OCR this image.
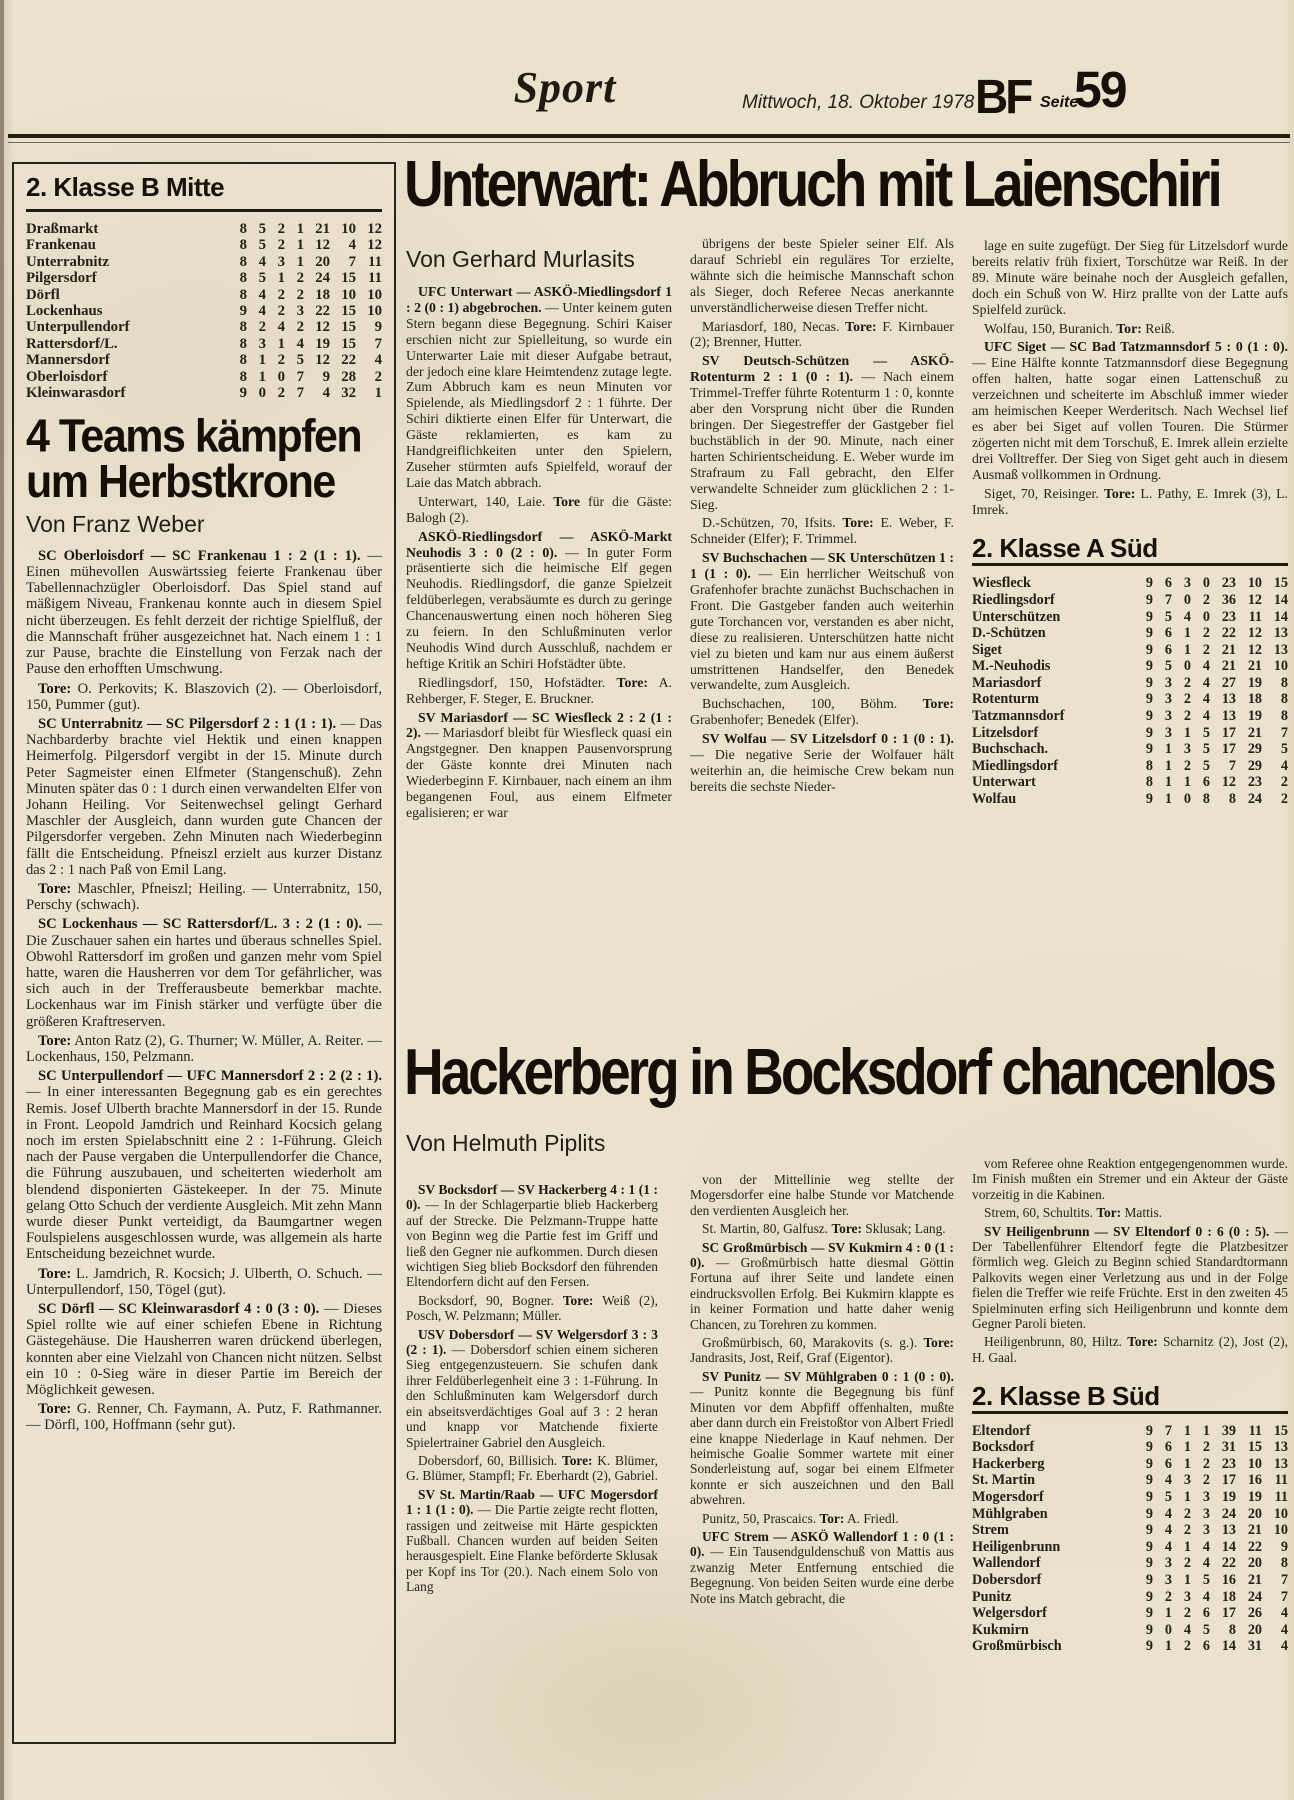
Sport	Mittwoch, 18. Oktober 1978 BF Seite
59
2. Klasse B Mitte
Draßmarkt	8 5 2 1 21 10 12
Frankenau	8 5 2 1 12	4 12
Unterrabnitz	8 4 3 1 20	7 11
Pilgersdorf	8 5 1 2 24 15 11
Dörfl	8 4 2 2 18 10 10
Lockenhaus	9 4 2 3 22 15 10
Unterpullendorf	8 2 4 2 12 15	9
Rattersdorf/L.	8 3 1 4 19 15	7
Mannersdorf	8 1 2 5 12 22	4
Oberloisdorf	8 1 0 7	9 28	2
Kleinwarasdorf	9 0 2 7	4 32	1
4 Teams kämpfen
um Herbstkrone
Von Franz Weber

SC Oberloisdorf — SC Frankenau 1 : 2 (1 : 1). — Einen mühevollen Auswärtssieg feierte Frankenau über Tabellennachzügler Oberloisdorf. Das Spiel stand auf mäßigem Niveau, Frankenau konnte auch in diesem Spiel nicht überzeugen. Es fehlt derzeit der richtige Spielfluß, der die Mannschaft früher ausgezeichnet hat. Nach einem 1 : 1 zur Pause, brachte die Einstellung von Ferzak nach der Pause den erhofften Umschwung.

Tore: O. Perkovits; K. Blaszovich (2). — Oberloisdorf, 150, Pummer (gut).

SC Unterrabnitz — SC Pilgersdorf 2 : 1 (1 : 1). — Das Nachbarderby brachte viel Hektik und einen knappen Heimerfolg. Pilgersdorf vergibt in der 15. Minute durch Peter Sagmeister einen Elfmeter (Stangenschuß). Zehn Minuten später das 0 : 1 durch einen verwandelten Elfer von Johann Heiling. Vor Seitenwechsel gelingt Gerhard Maschler der Ausgleich, dann wurden gute Chancen der Pilgersdorfer vergeben. Zehn Minuten nach Wiederbeginn fällt die Entscheidung. Pfneiszl erzielt aus kurzer Distanz das 2 : 1 nach Paß von Emil Lang.

Tore: Maschler, Pfneiszl; Heiling. — Unterrabnitz, 150, Perschy (schwach).

SC Lockenhaus — SC Rattersdorf/L. 3 : 2 (1 : 0). — Die Zuschauer sahen ein hartes und überaus schnelles Spiel. Obwohl Rattersdorf im großen und ganzen mehr vom Spiel hatte, waren die Hausherren vor dem Tor gefährlicher, was sich auch in der Trefferausbeute bemerkbar machte. Lockenhaus war im Finish stärker und verfügte über die größeren Kraftreserven.

Tore: Anton Ratz (2), G. Thurner; W. Müller, A. Reiter. — Lockenhaus, 150, Pelzmann.

SC Unterpullendorf — UFC Mannersdorf 2 : 2 (2 : 1). — In einer interessanten Begegnung gab es ein gerechtes Remis. Josef Ulberth brachte Mannersdorf in der 15. Runde in Front. Leopold Jamdrich und Reinhard Kocsich gelang noch im ersten Spielabschnitt eine 2 : 1-Führung. Gleich nach der Pause vergaben die Unterpullendorfer die Chance, die Führung auszubauen, und scheiterten wiederholt am blendend disponierten Gästekeeper. In der 75. Minute gelang Otto Schuch der verdiente Ausgleich. Mit zehn Mann wurde dieser Punkt verteidigt, da Baumgartner wegen Foulspielens ausgeschlossen wurde, was allgemein als harte Entscheidung bezeichnet wurde.

Tore: L. Jamdrich, R. Kocsich; J. Ulberth, O. Schuch. — Unterpullendorf, 150, Tögel (gut).

SC Dörfl — SC Kleinwarasdorf 4 : 0 (3 : 0). — Dieses Spiel rollte wie auf einer schiefen Ebene in Richtung Gästegehäuse. Die Hausherren waren drückend überlegen, konnten aber eine Vielzahl von Chancen nicht nützen. Selbst ein 10 : 0-Sieg wäre in dieser Partie im Bereich der Möglichkeit gewesen.

Tore: G. Renner, Ch. Faymann, A. Putz, F. Rathmanner. — Dörfl, 100, Hoffmann (sehr gut).

Unterwart: Abbruch mit Laienschiri
Von Gerhard Murlasits

UFC Unterwart — ASKÖ-Miedlingsdorf 1 : 2 (0 : 1) abgebrochen. — Unter keinem guten Stern begann diese Begegnung. Schiri Kaiser erschien nicht zur Spielleitung, so wurde ein Unterwarter Laie mit dieser Aufgabe betraut, der jedoch eine klare Heimtendenz zutage legte. Zum Abbruch kam es neun Minuten vor Spielende, als Miedlingsdorf 2 : 1 führte. Der Schiri diktierte einen Elfer für Unterwart, die Gäste reklamierten, es kam zu Handgreiflichkeiten unter den Spielern, Zuseher stürmten aufs Spielfeld, worauf der Laie das Match abbrach.

Unterwart, 140, Laie. Tore für die Gäste: Balogh (2).

ASKÖ-Riedlingsdorf — ASKÖ-Markt Neuhodis 3 : 0 (2 : 0). — In guter Form präsentierte sich die heimische Elf gegen Neuhodis. Riedlingsdorf, die ganze Spielzeit feldüberlegen, verabsäumte es durch zu geringe Chancenauswertung einen noch höheren Sieg zu feiern. In den Schlußminuten verlor Neuhodis Wind durch Ausschluß, nachdem er heftige Kritik an Schiri Hofstädter übte.

Riedlingsdorf, 150, Hofstädter. Tore: A. Rehberger, F. Steger, E. Bruckner.

SV Mariasdorf — SC Wiesfleck 2 : 2 (1 : 2). — Mariasdorf bleibt für Wiesfleck quasi ein Angstgegner. Den knappen Pausenvorsprung der Gäste konnte drei Minuten nach Wiederbeginn F. Kirnbauer, nach einem an ihm begangenen Foul, aus einem Elfmeter egalisieren; er war

übrigens der beste Spieler seiner Elf. Als darauf Schriebl ein reguläres Tor erzielte, wähnte sich die heimische Mannschaft schon als Sieger, doch Referee Necas anerkannte unverständlicherweise diesen Treffer nicht.

Mariasdorf, 180, Necas. Tore: F. Kirnbauer (2); Brenner, Hutter.

SV Deutsch-Schützen — ASKÖ-Rotenturm 2 : 1 (0 : 1). — Nach einem Trimmel-Treffer führte Rotenturm 1 : 0, konnte aber den Vorsprung nicht über die Runden bringen. Der Siegestreffer der Gastgeber fiel buchstäblich in der 90. Minute, nach einer harten Schirientscheidung. E. Weber wurde im Strafraum zu Fall gebracht, den Elfer verwandelte Schneider zum glücklichen 2 : 1-Sieg.

D.-Schützen, 70, Ifsits. Tore: E. Weber, F. Schneider (Elfer); F. Trimmel.

SV Buchschachen — SK Unterschützen 1 : 1 (1 : 0). — Ein herrlicher Weitschuß von Grafenhofer brachte zunächst Buchschachen in Front. Die Gastgeber fanden auch weiterhin gute Torchancen vor, verstanden es aber nicht, diese zu realisieren. Unterschützen hatte nicht viel zu bieten und kam nur aus einem äußerst umstrittenen Handselfer, den Benedek verwandelte, zum Ausgleich.

Buchschachen, 100, Böhm. Tore: Grabenhofer; Benedek (Elfer).

SV Wolfau — SV Litzelsdorf 0 : 1 (0 : 1). — Die negative Serie der Wolfauer hält weiterhin an, die heimische Crew bekam nun bereits die sechste Nieder-

lage en suite zugefügt. Der Sieg für Litzelsdorf wurde bereits relativ früh fixiert, Torschütze war Reiß. In der 89. Minute wäre beinahe noch der Ausgleich gefallen, doch ein Schuß von W. Hirz prallte von der Latte aufs Spielfeld zurück.

Wolfau, 150, Buranich. Tor: Reiß.

UFC Siget — SC Bad Tatzmannsdorf 5 : 0 (1 : 0). — Eine Hälfte konnte Tatzmannsdorf diese Begegnung offen halten, hatte sogar einen Lattenschuß zu verzeichnen und scheiterte im Abschluß immer wieder am heimischen Keeper Werderitsch. Nach Wechsel lief es aber bei Siget auf vollen Touren. Die Stürmer zögerten nicht mit dem Torschuß, E. Imrek allein erzielte drei Volltreffer. Der Sieg von Siget geht auch in diesem Ausmaß vollkommen in Ordnung.

Siget, 70, Reisinger. Tore: L. Pathy, E. Imrek (3), L. Imrek.

2. Klasse A Süd
Wiesfleck	9 6 3 0 23 10 15
Riedlingsdorf	9 7 0 2 36 12 14
Unterschützen	9 5 4 0 23 11 14
D.-Schützen	9 6 1 2 22 12 13
Siget	9 6 1 2 21 12 13
M.-Neuhodis	9 5 0 4 21 21 10
Mariasdorf	9 3 2 4 27 19	8
Rotenturm	9 3 2 4 13 18	8
Tatzmannsdorf	9 3 2 4 13 19	8
Litzelsdorf	9 3 1 5 17 21	7
Buchschach.	9 1 3 5 17 29	5
Miedlingsdorf	8 1 2 5	7 29	4
Unterwart	8 1 1 6 12 23	2
Wolfau	9 1 0 8	8 24	2
Hackerberg in Bocksdorf chancenlos
Von Helmuth Piplits

SV Bocksdorf — SV Hackerberg 4 : 1 (1 : 0). — In der Schlagerpartie blieb Hackerberg auf der Strecke. Die Pelzmann-Truppe hatte von Beginn weg die Partie fest im Griff und ließ den Gegner nie aufkommen. Durch diesen wichtigen Sieg blieb Bocksdorf den führenden Eltendorfern dicht auf den Fersen.

Bocksdorf, 90, Bogner. Tore: Weiß (2), Posch, W. Pelzmann; Müller.

USV Dobersdorf — SV Welgersdorf 3 : 3 (2 : 1). — Dobersdorf schien einem sicheren Sieg entgegenzusteuern. Sie schufen dank ihrer Feldüberlegenheit eine 3 : 1-Führung. In den Schlußminuten kam Welgersdorf durch ein abseitsverdächtiges Goal auf 3 : 2 heran und knapp vor Matchende fixierte Spielertrainer Gabriel den Ausgleich.

Dobersdorf, 60, Billisich. Tore: K. Blümer, G. Blümer, Stampfl; Fr. Eberhardt (2), Gabriel.

SV St. Martin/Raab — UFC Mogersdorf 1 : 1 (1 : 0). — Die Partie zeigte recht flotten, rassigen und zeitweise mit Härte gespickten Fußball. Chancen wurden auf beiden Seiten herausgespielt. Eine Flanke beförderte Sklusak per Kopf ins Tor (20.). Nach einem Solo von Lang

von der Mittellinie weg stellte der Mogersdorfer eine halbe Stunde vor Matchende den verdienten Ausgleich her.

St. Martin, 80, Galfusz. Tore: Sklusak; Lang.

SC Großmürbisch — SV Kukmirn 4 : 0 (1 : 0). — Großmürbisch hatte diesmal Göttin Fortuna auf ihrer Seite und landete einen eindrucksvollen Erfolg. Bei Kukmirn klappte es in keiner Formation und hatte daher wenig Chancen, zu Torehren zu kommen.

Großmürbisch, 60, Marakovits (s. g.). Tore: Jandrasits, Jost, Reif, Graf (Eigentor).

SV Punitz — SV Mühlgraben 0 : 1 (0 : 0). — Punitz konnte die Begegnung bis fünf Minuten vor dem Abpfiff offenhalten, mußte aber dann durch ein Freistoßtor von Albert Friedl eine knappe Niederlage in Kauf nehmen. Der heimische Goalie Sommer wartete mit einer Sonderleistung auf, sogar bei einem Elfmeter konnte er sich auszeichnen und den Ball abwehren.

Punitz, 50, Prascaics. Tor: A. Friedl.

UFC Strem — ASKÖ Wallendorf 1 : 0 (1 : 0). — Ein Tausendguldenschuß von Mattis aus zwanzig Meter Entfernung entschied die Begegnung. Von beiden Seiten wurde eine derbe Note ins Match gebracht, die

vom Referee ohne Reaktion entgegengenommen wurde. Im Finish mußten ein Stremer und ein Akteur der Gäste vorzeitig in die Kabinen.

Strem, 60, Schultits. Tor: Mattis.

SV Heiligenbrunn — SV Eltendorf 0 : 6 (0 : 5). — Der Tabellenführer Eltendorf fegte die Platzbesitzer förmlich weg. Gleich zu Beginn schied Standardtormann Palkovits wegen einer Verletzung aus und in der Folge fielen die Treffer wie reife Früchte. Erst in den zweiten 45 Spielminuten erfing sich Heiligenbrunn und konnte dem Gegner Paroli bieten.

Heiligenbrunn, 80, Hiltz. Tore: Scharnitz (2), Jost (2), H. Gaal.

2. Klasse B Süd
Eltendorf	9 7 1 1 39 11 15
Bocksdorf	9 6 1 2 31 15 13
Hackerberg	9 6 1 2 23 10 13
St. Martin	9 4 3 2 17 16 11
Mogersdorf	9 5 1 3 19 19 11
Mühlgraben	9 4 2 3 24 20 10
Strem	9 4 2 3 13 21 10
Heiligenbrunn	9 4 1 4 14 22	9
Wallendorf	9 3 2 4 22 20	8
Dobersdorf	9 3 1 5 16 21	7
Punitz	9 2 3 4 18 24	7
Welgersdorf	9 1 2 6 17 26	4
Kukmirn	9 0 4 5	8 20	4
Großmürbisch	9 1 2 6 14 31	4
